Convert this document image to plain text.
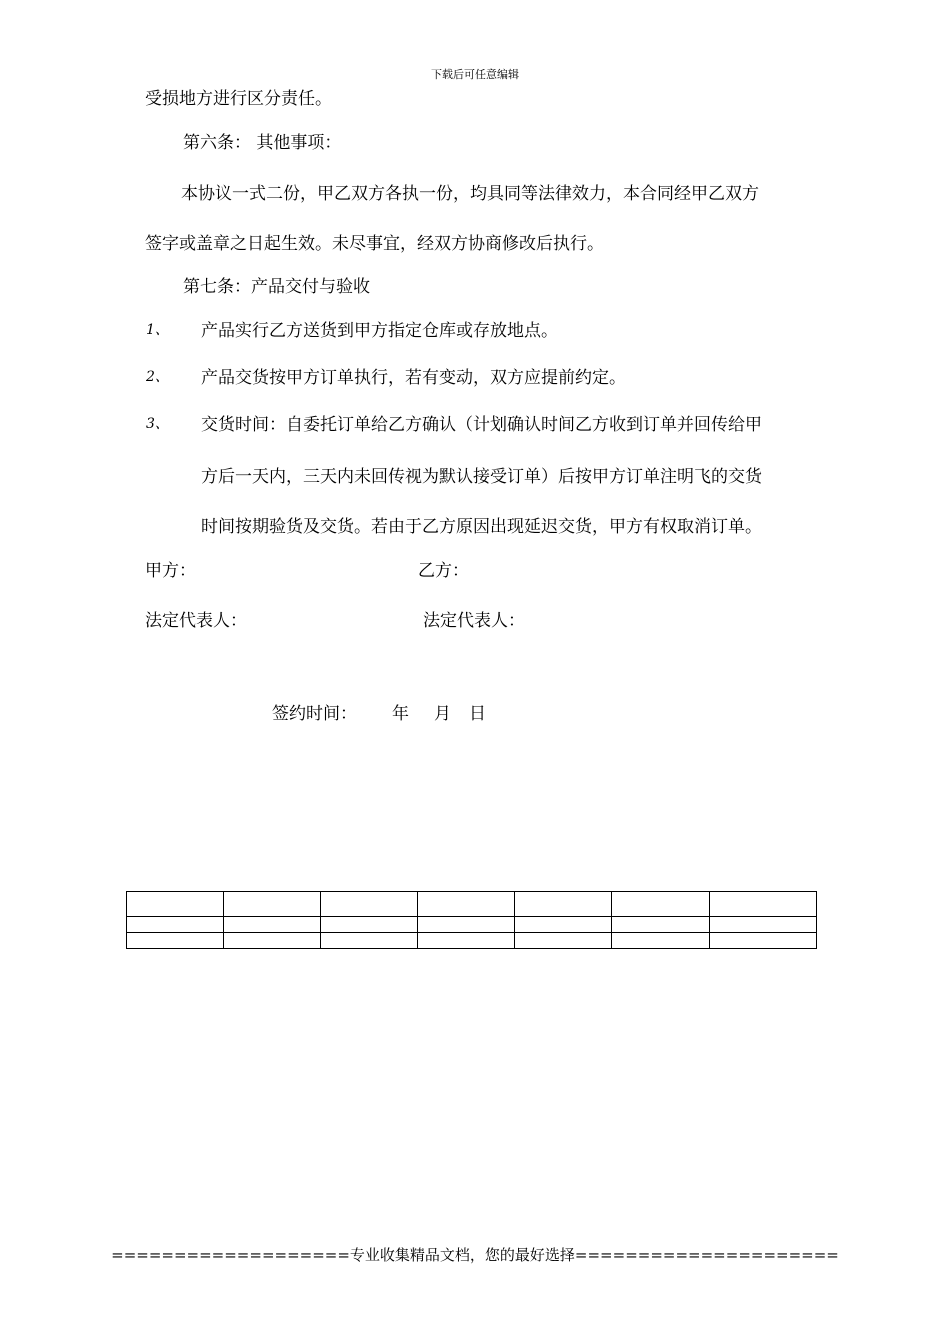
下载后可任意编辑
受损地方进行区分责任。
第六条： 其他事项：
本协议一式二份，甲乙双方各执一份，均具同等法律效力，本合同经甲乙双方
签字或盖章之日起生效。未尽事宜，经双方协商修改后执行。
第七条：产品交付与验收
1、 产品实行乙方送货到甲方指定仓库或存放地点。
2、 产品交货按甲方订单执行，若有变动，双方应提前约定。
3、 交货时间：自委托订单给乙方确认（计划确认时间乙方收到订单并回传给甲
方后一天内，三天内未回传视为默认接受订单）后按甲方订单注明飞的交货
时间按期验货及交货。若由于乙方原因出现延迟交货，甲方有权取消订单。
甲方：	乙方：
法定代表人：	法定代表人：
签约时间： 年 月 日

===================专业收集精品文档，您的最好选择=====================
